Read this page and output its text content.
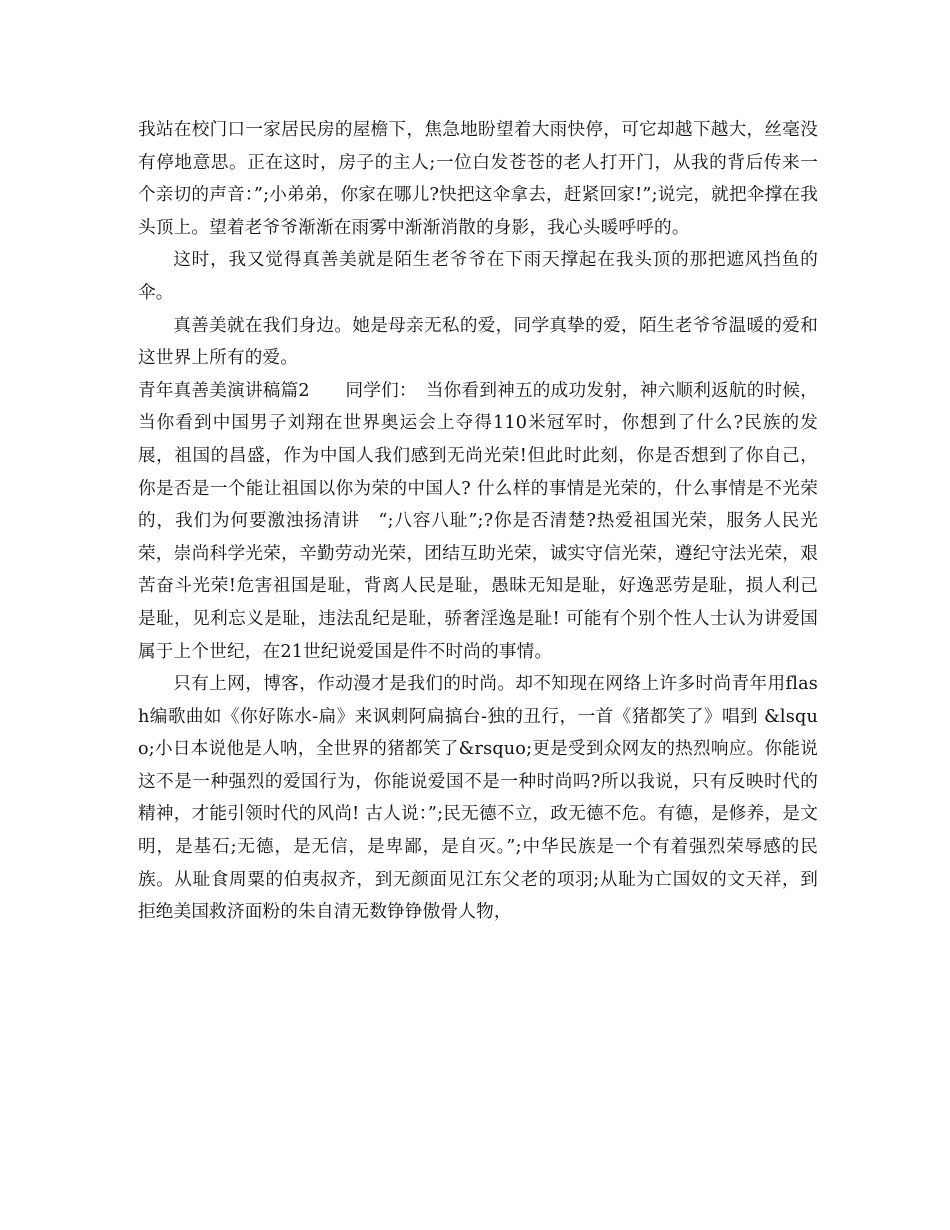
我站在校门口一家居民房的屋檐下，焦急地盼望着大雨快停，可它却越下越大，丝毫没有停地意思。正在这时，房子的主人;一位白发苍苍的老人打开门，从我的背后传来一个亲切的声音：”;小弟弟，你家在哪儿?快把这伞拿去，赶紧回家!”;说完，就把伞撑在我头顶上。望着老爷爷渐渐在雨雾中渐渐消散的身影，我心头暖呼呼的。

这时，我又觉得真善美就是陌生老爷爷在下雨天撑起在我头顶的那把遮风挡鱼的伞。

真善美就在我们身边。她是母亲无私的爱，同学真挚的爱，陌生老爷爷温暖的爱和这世界上所有的爱。

青年真善美演讲稿篇2　　同学们：　当你看到神五的成功发射，神六顺利返航的时候，当你看到中国男子刘翔在世界奥运会上夺得110米冠军时，你想到了什么?民族的发展，祖国的昌盛，作为中国人我们感到无尚光荣!但此时此刻，你是否想到了你自己，你是否是一个能让祖国以你为荣的中国人? 什么样的事情是光荣的，什么事情是不光荣的，我们为何要激浊扬清讲　“;八容八耻”;?你是否清楚?热爱祖国光荣，服务人民光荣，崇尚科学光荣，辛勤劳动光荣，团结互助光荣，诚实守信光荣，遵纪守法光荣，艰苦奋斗光荣!危害祖国是耻，背离人民是耻，愚昧无知是耻，好逸恶劳是耻，损人利己是耻，见利忘义是耻，违法乱纪是耻，骄奢淫逸是耻! 可能有个别个性人士认为讲爱国属于上个世纪，在21世纪说爱国是件不时尚的事情。

只有上网，博客，作动漫才是我们的时尚。却不知现在网络上许多时尚青年用flash编歌曲如《你好陈水-扁》来讽刺阿扁搞台-独的丑行，一首《猪都笑了》唱到 &lsquo;小日本说他是人呐，全世界的猪都笑了&rsquo;更是受到众网友的热烈响应。你能说这不是一种强烈的爱国行为，你能说爱国不是一种时尚吗?所以我说，只有反映时代的精神，才能引领时代的风尚! 古人说：”;民无德不立，政无德不危。有德，是修养，是文明，是基石;无德，是无信，是卑鄙，是自灭。”;中华民族是一个有着强烈荣辱感的民族。从耻食周粟的伯夷叔齐，到无颜面见江东父老的项羽;从耻为亡国奴的文天祥，到拒绝美国救济面粉的朱自清无数铮铮傲骨人物，
